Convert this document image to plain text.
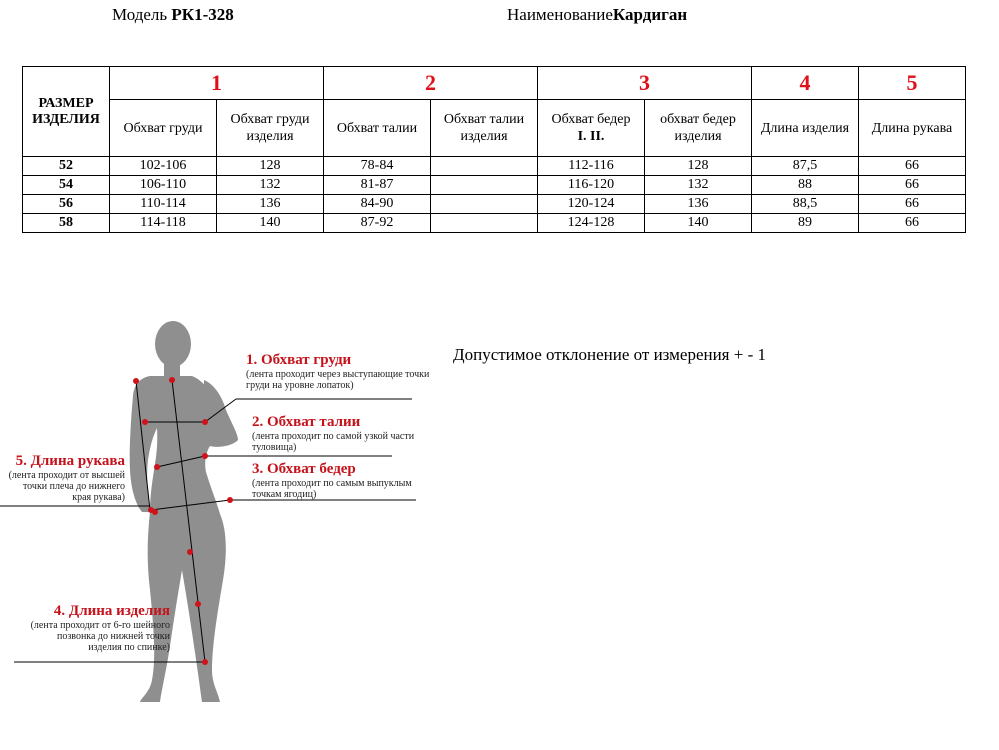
Модель РК1-328	НаименованиеКардиган
РАЗМЕР ИЗДЕЛИЯ	1		2		3		4	5
	Обхват груди	Обхват груди изделия	Обхват талии	Обхват талии изделия	Обхват бедер
I. II.	обхват бедер изделия	Длина изделия	Длина рукава
52	102-106	128	78-84		112-116	128	87,5	66
54	106-110	132	81-87		116-120	132	88	66
56	110-114	136	84-90		120-124	136	88,5	66
58	114-118	140	87-92		124-128	140	89	66
Допустимое отклонение от измерения + - 1
1. Обхват груди
(лента проходит через выступающие точки груди на уровне лопаток)
2. Обхват талии
(лента проходит по самой узкой части туловища)
3. Обхват бедер
(лента проходит по самым выпуклым точкам ягодиц)
5. Длина рукава
(лента проходит от высшей точки плеча до нижнего края рукава)
4. Длина изделия
(лента проходит от 6-го шейного позвонка до нижней точки изделия по спинке)
